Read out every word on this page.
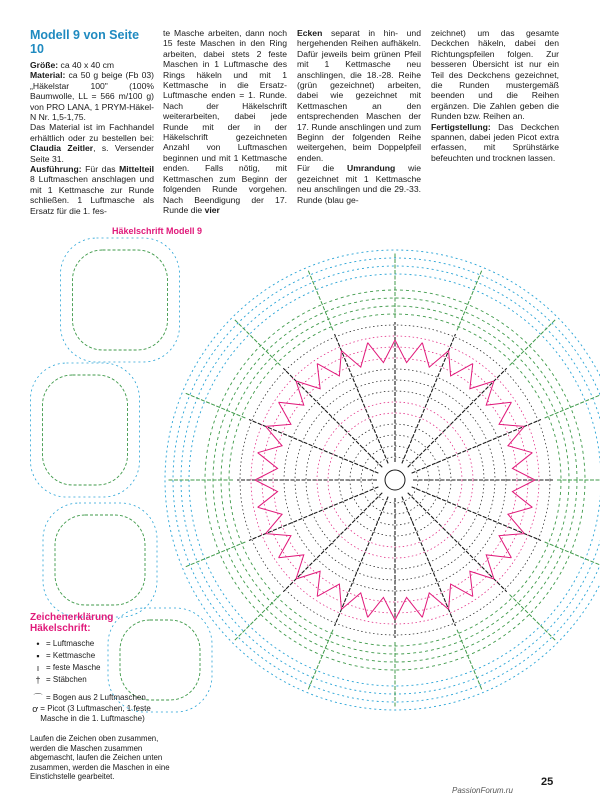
Modell 9 von Seite 10

Größe: ca 40 x 40 cm

Material: ca 50 g beige (Fb 03) „Häkelstar 100" (100% Baumwolle, LL = 566 m/100 g) von PRO LANA, 1 PRYM-Häkel-N Nr. 1,5-1,75.

Das Material ist im Fachhandel erhältlich oder zu bestellen bei: Claudia Zeitler, s. Versender Seite 31.

Ausführung: Für das Mittelteil 8 Luftmaschen anschlagen und mit 1 Kettmasche zur Runde schließen. 1 Luftmasche als Ersatz für die 1. fes-

te Masche arbeiten, dann noch 15 feste Maschen in den Ring arbeiten, dabei stets 2 feste Maschen in 1 Luftmasche des Rings häkeln und mit 1 Kettmasche in die Ersatz-Luftmasche enden = 1. Runde. Nach der Häkelschrift weiterarbeiten, dabei jede Runde mit der in der Häkelschrift gezeichneten Anzahl von Luftmaschen beginnen und mit 1 Kettmasche enden. Falls nötig, mit Kettmaschen zum Beginn der folgenden Runde vorgehen. Nach Beendigung der 17. Runde die vier

Ecken separat in hin- und hergehenden Reihen aufhäkeln. Dafür jeweils beim grünen Pfeil mit 1 Kettmasche neu anschlingen, die 18.-28. Reihe (grün gezeichnet) arbeiten, dabei wie gezeichnet mit Kettmaschen an den entsprechenden Maschen der 17. Runde anschlingen und zum Beginn der folgenden Reihe weitergehen, beim Doppelpfeil enden.

Für die Umrandung wie gezeichnet mit 1 Kettmasche neu anschlingen und die 29.-33. Runde (blau ge-

zeichnet) um das gesamte Deckchen häkeln, dabei den Richtungspfeilen folgen. Zur besseren Übersicht ist nur ein Teil des Deckchens gezeichnet, die Runden mustergemäß beenden und die Reihen ergänzen. Die Zahlen geben die Runden bzw. Reihen an.

Fertigstellung: Das Deckchen spannen, dabei jeden Picot extra erfassen, mit Sprühstärke befeuchten und trocknen lassen.

Häkelschrift Modell 9
Zeichenerklärung
Häkelschrift:
• = Luftmasche
▪ = Kettmasche
ı = feste Masche
† = Stäbchen
⌒ = Bogen aus 2 Luftmaschen
ơ = Picot (3 Luftmaschen, 1 feste Masche in die 1. Luftmasche)
Laufen die Zeichen oben zusammen, werden die Maschen zusammen abgemascht, laufen die Zeichen unten zusammen, werden die Maschen in eine Einstichstelle gearbeitet.
PassionForum.ru
25
